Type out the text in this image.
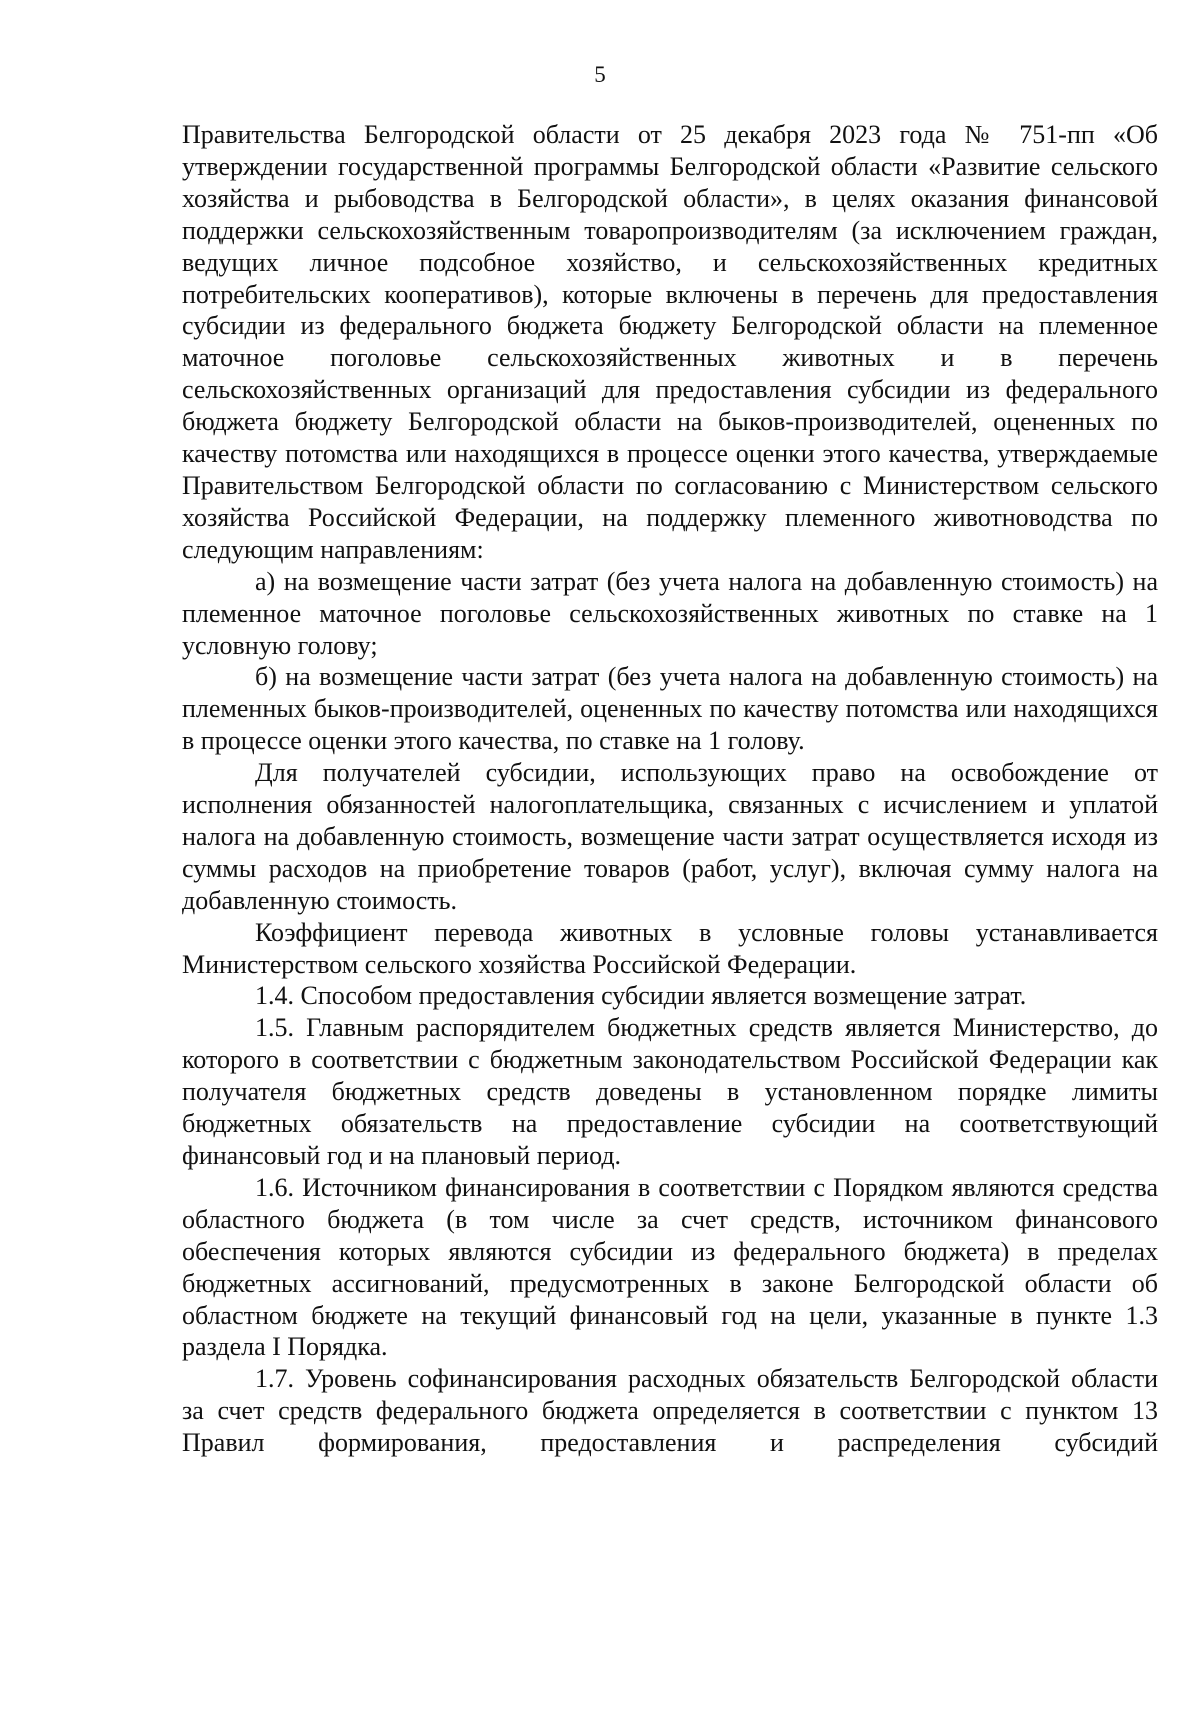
5

Правительства Белгородской области от 25 декабря 2023 года № 751-пп «Об утверждении государственной программы Белгородской области «Развитие сельского хозяйства и рыбоводства в Белгородской области», в целях оказания финансовой поддержки сельскохозяйственным товаропроизводителям (за исключением граждан, ведущих личное подсобное хозяйство, и сельскохозяйственных кредитных потребительских кооперативов), которые включены в перечень для предоставления субсидии из федерального бюджета бюджету Белгородской области на племенное маточное поголовье сельскохозяйственных животных и в перечень сельскохозяйственных организаций для предоставления субсидии из федерального бюджета бюджету Белгородской области на быков-производителей, оцененных по качеству потомства или находящихся в процессе оценки этого качества, утверждаемые Правительством Белгородской области по согласованию с Министерством сельского хозяйства Российской Федерации, на поддержку племенного животноводства по следующим направлениям:

а) на возмещение части затрат (без учета налога на добавленную стоимость) на племенное маточное поголовье сельскохозяйственных животных по ставке на 1 условную голову;

б) на возмещение части затрат (без учета налога на добавленную стоимость) на племенных быков-производителей, оцененных по качеству потомства или находящихся в процессе оценки этого качества, по ставке на 1 голову.

Для получателей субсидии, использующих право на освобождение от исполнения обязанностей налогоплательщика, связанных с исчислением и уплатой налога на добавленную стоимость, возмещение части затрат осуществляется исходя из суммы расходов на приобретение товаров (работ, услуг), включая сумму налога на добавленную стоимость.

Коэффициент перевода животных в условные головы устанавливается Министерством сельского хозяйства Российской Федерации.

1.4. Способом предоставления субсидии является возмещение затрат.

1.5. Главным распорядителем бюджетных средств является Министерство, до которого в соответствии с бюджетным законодательством Российской Федерации как получателя бюджетных средств доведены в установленном порядке лимиты бюджетных обязательств на предоставление субсидии на соответствующий финансовый год и на плановый период.

1.6. Источником финансирования в соответствии с Порядком являются средства областного бюджета (в том числе за счет средств, источником финансового обеспечения которых являются субсидии из федерального бюджета) в пределах бюджетных ассигнований, предусмотренных в законе Белгородской области об областном бюджете на текущий финансовый год на цели, указанные в пункте 1.3 раздела I Порядка.

1.7. Уровень софинансирования расходных обязательств Белгородской области за счет средств федерального бюджета определяется в соответствии с пунктом 13 Правил формирования, предоставления и распределения субсидий
